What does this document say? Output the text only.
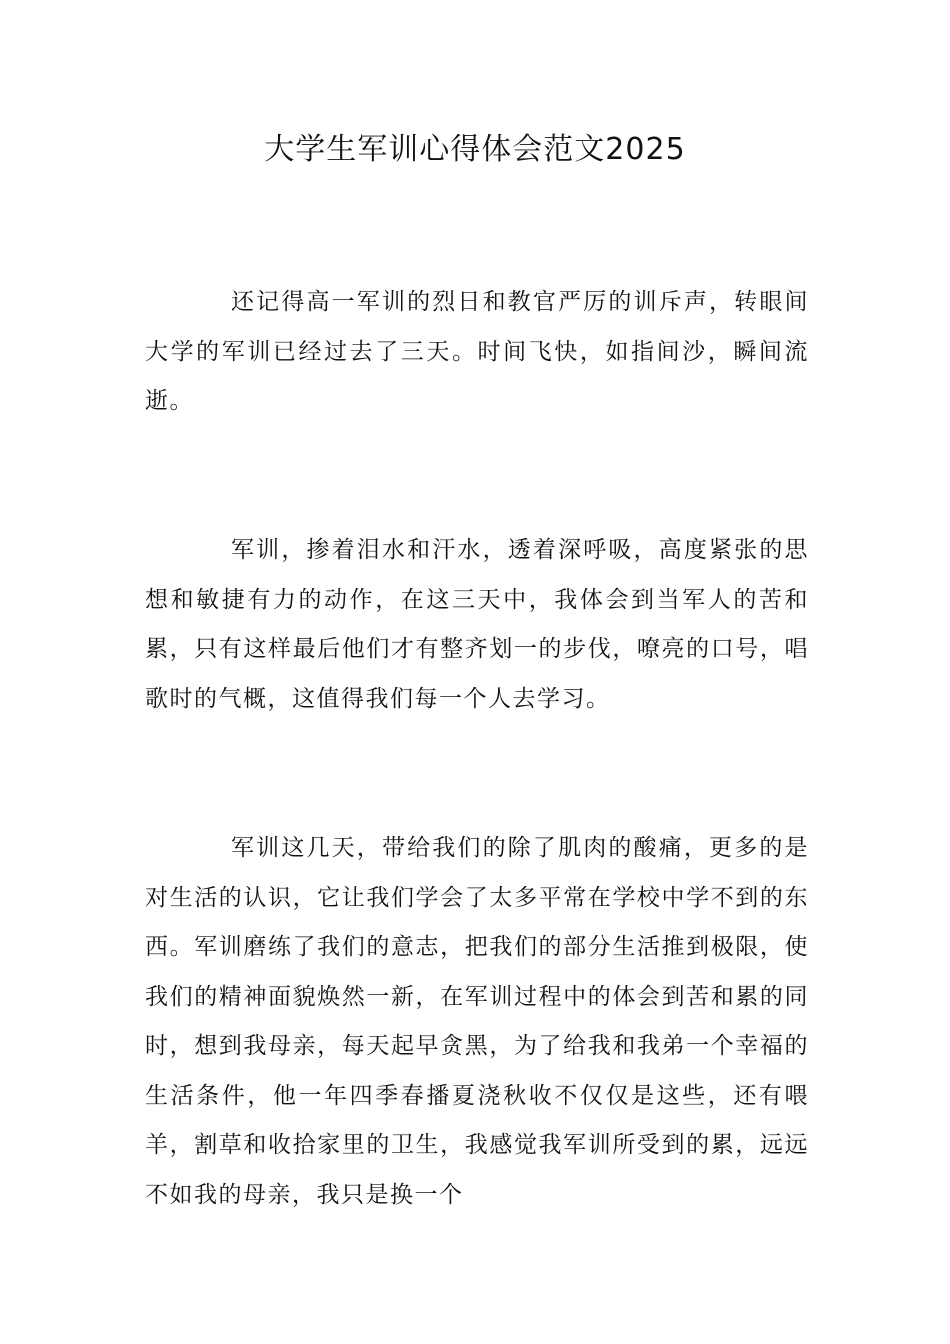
大学生军训心得体会范文2025

还记得高一军训的烈日和教官严厉的训斥声，转眼间大学的军训已经过去了三天。时间飞快，如指间沙，瞬间流逝。

军训，掺着泪水和汗水，透着深呼吸，高度紧张的思想和敏捷有力的动作，在这三天中，我体会到当军人的苦和累，只有这样最后他们才有整齐划一的步伐，嘹亮的口号，唱歌时的气概，这值得我们每一个人去学习。

军训这几天，带给我们的除了肌肉的酸痛，更多的是对生活的认识，它让我们学会了太多平常在学校中学不到的东西。军训磨练了我们的意志，把我们的部分生活推到极限，使我们的精神面貌焕然一新，在军训过程中的体会到苦和累的同时，想到我母亲，每天起早贪黑，为了给我和我弟一个幸福的生活条件，他一年四季春播夏浇秋收不仅仅是这些，还有喂羊，割草和收拾家里的卫生，我感觉我军训所受到的累，远远不如我的母亲，我只是换一个
